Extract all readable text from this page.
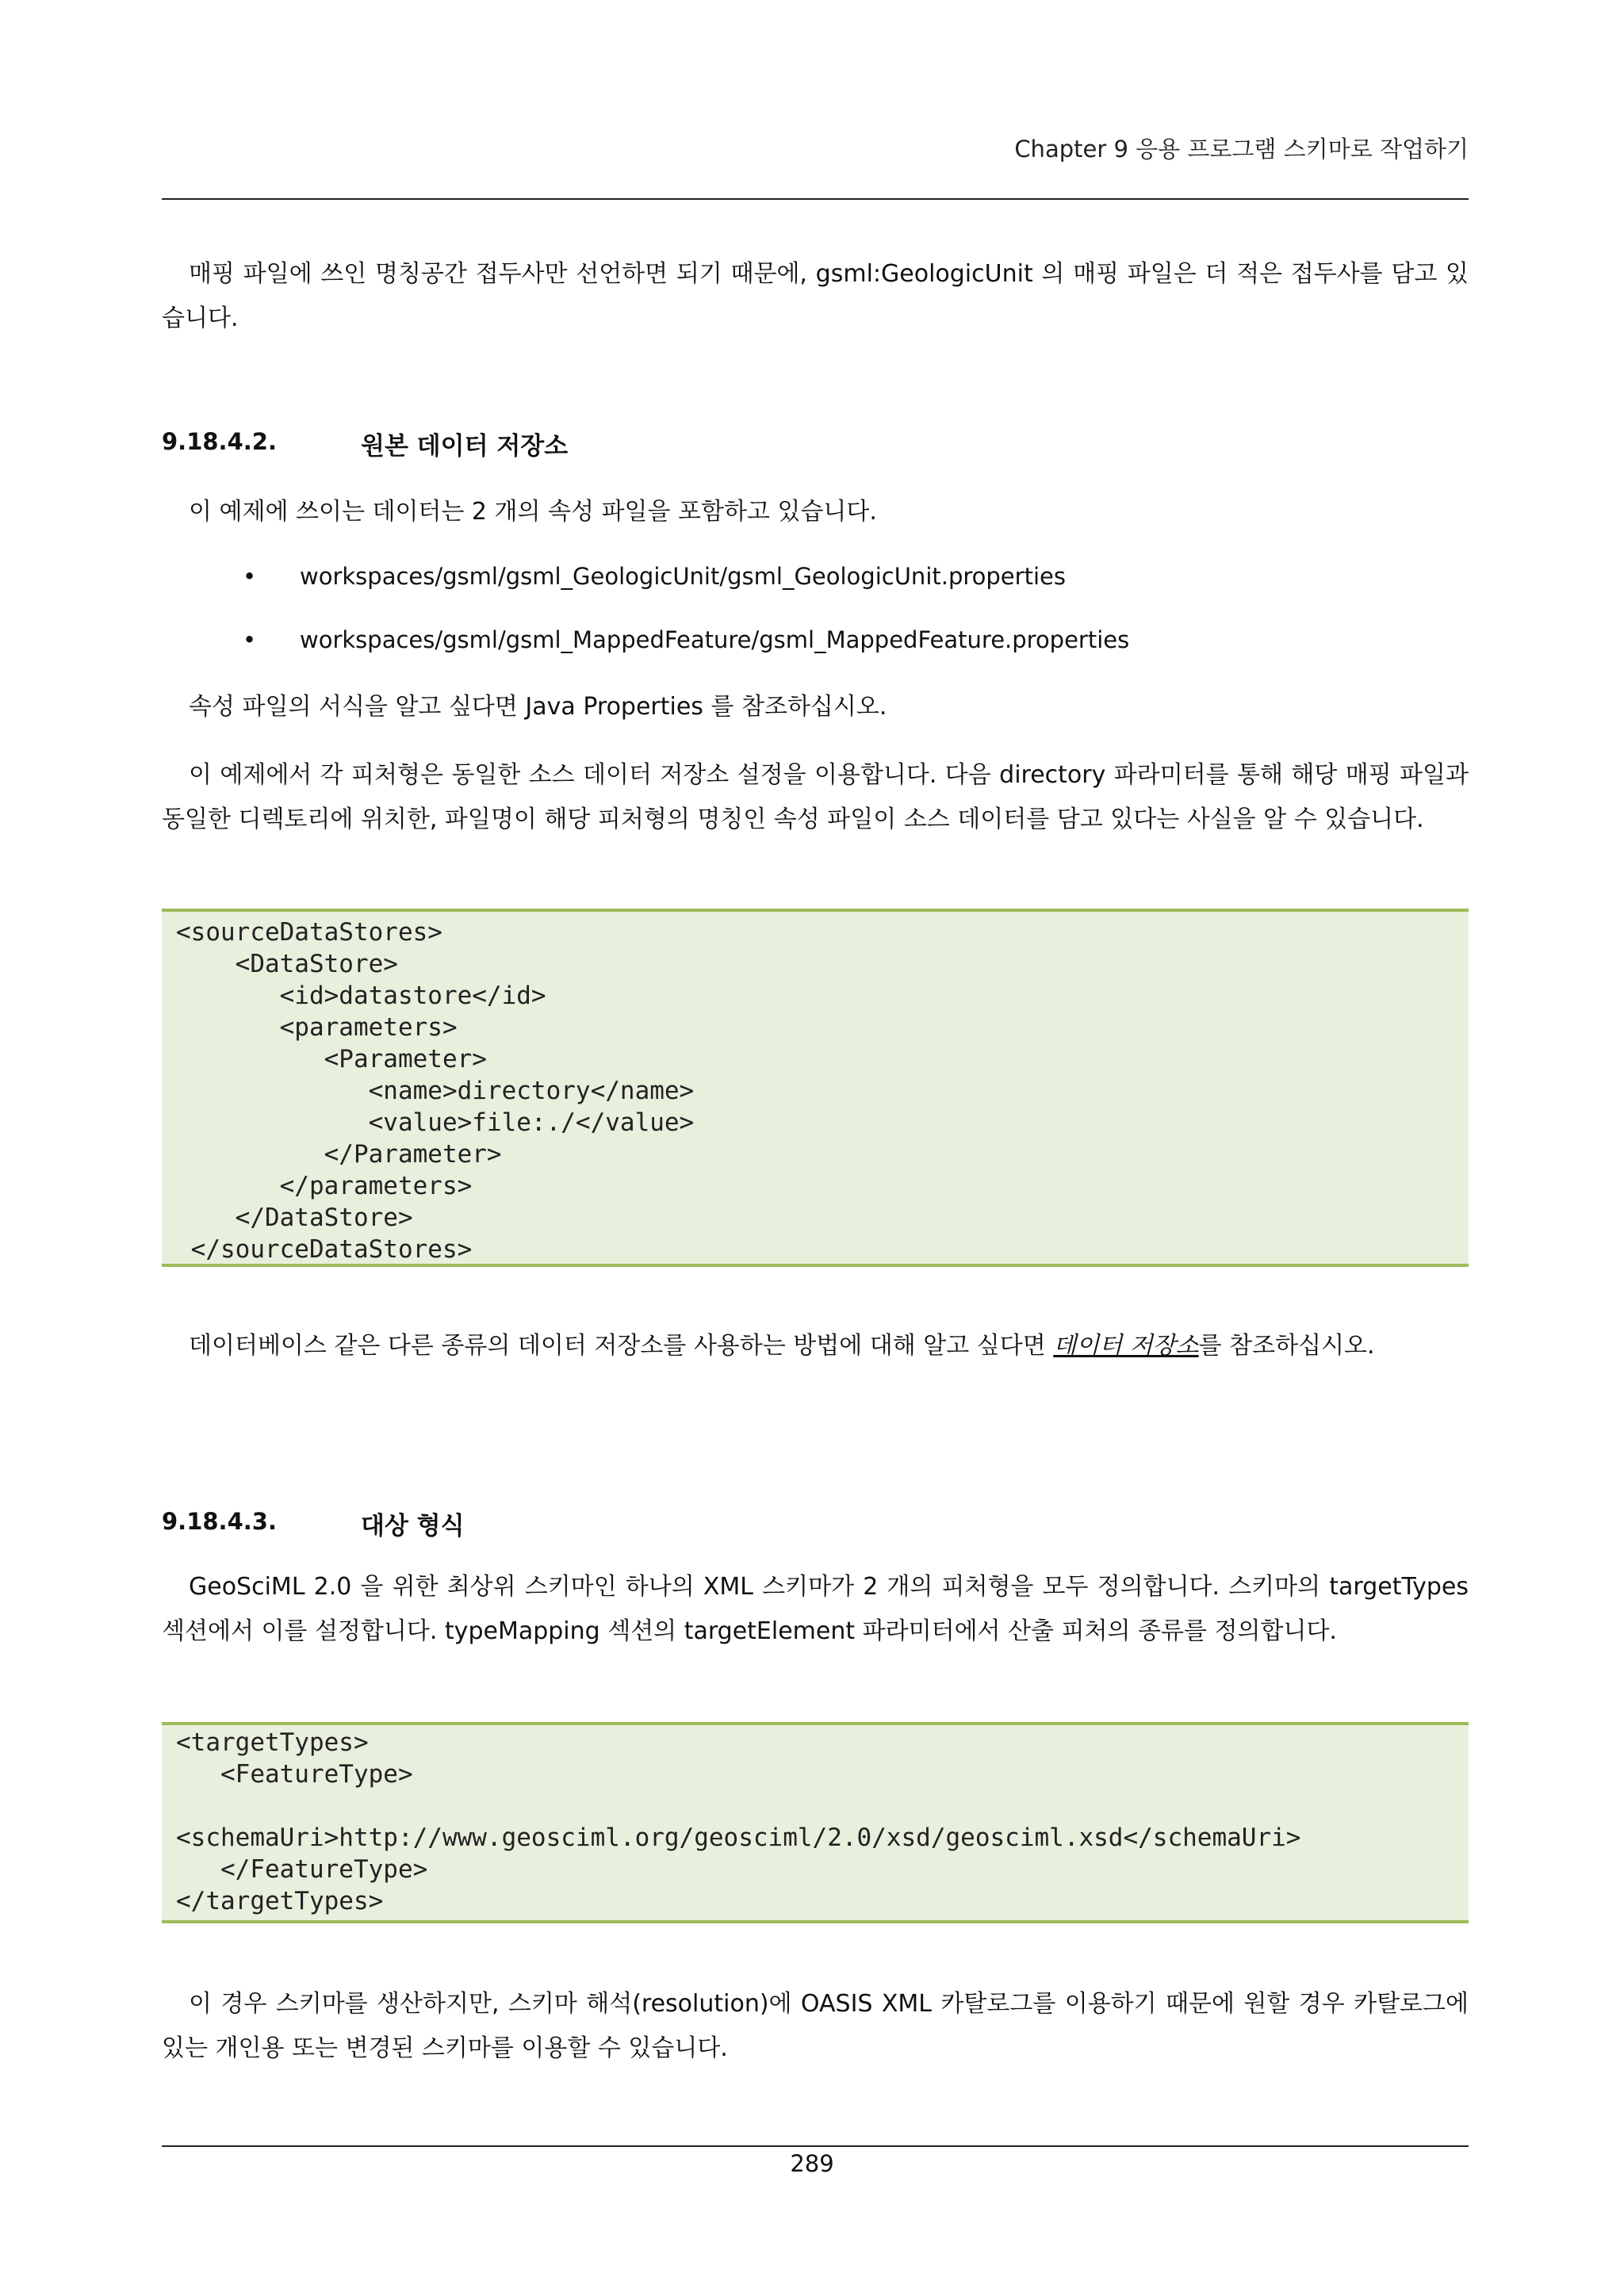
Chapter 9 응용 프로그램 스키마로 작업하기

매핑 파일에 쓰인 명칭공간 접두사만 선언하면 되기 때문에, gsml:GeologicUnit 의 매핑 파일은 더 적은 접두사를 담고 있습니다.

9.18.4.2.	원본 데이터 저장소

이 예제에 쓰이는 데이터는 2 개의 속성 파일을 포함하고 있습니다.

• workspaces/gsml/gsml_GeologicUnit/gsml_GeologicUnit.properties
• workspaces/gsml/gsml_MappedFeature/gsml_MappedFeature.properties

속성 파일의 서식을 알고 싶다면 Java Properties 를 참조하십시오.

이 예제에서 각 피처형은 동일한 소스 데이터 저장소 설정을 이용합니다. 다음 directory 파라미터를 통해 해당 매핑 파일과 동일한 디렉토리에 위치한, 파일명이 해당 피처형의 명칭인 속성 파일이 소스 데이터를 담고 있다는 사실을 알 수 있습니다.

<sourceDataStores>
<DataStore>
<id>datastore</id>
<parameters>
<Parameter>
<name>directory</name>
<value>file:./</value>
</Parameter>
</parameters>
</DataStore>
</sourceDataStores>

데이터베이스 같은 다른 종류의 데이터 저장소를 사용하는 방법에 대해 알고 싶다면 데이터 저장소를 참조하십시오.

9.18.4.3.	대상 형식

GeoSciML 2.0 을 위한 최상위 스키마인 하나의 XML 스키마가 2 개의 피처형을 모두 정의합니다. 스키마의 targetTypes 섹션에서 이를 설정합니다. typeMapping 섹션의 targetElement 파라미터에서 산출 피처의 종류를 정의합니다.

<targetTypes>
<FeatureType>
<schemaUri>http://www.geosciml.org/geosciml/2.0/xsd/geosciml.xsd</schemaUri>
</FeatureType>
</targetTypes>

이 경우 스키마를 생산하지만, 스키마 해석(resolution)에 OASIS XML 카탈로그를 이용하기 때문에 원할 경우 카탈로그에 있는 개인용 또는 변경된 스키마를 이용할 수 있습니다.

289
